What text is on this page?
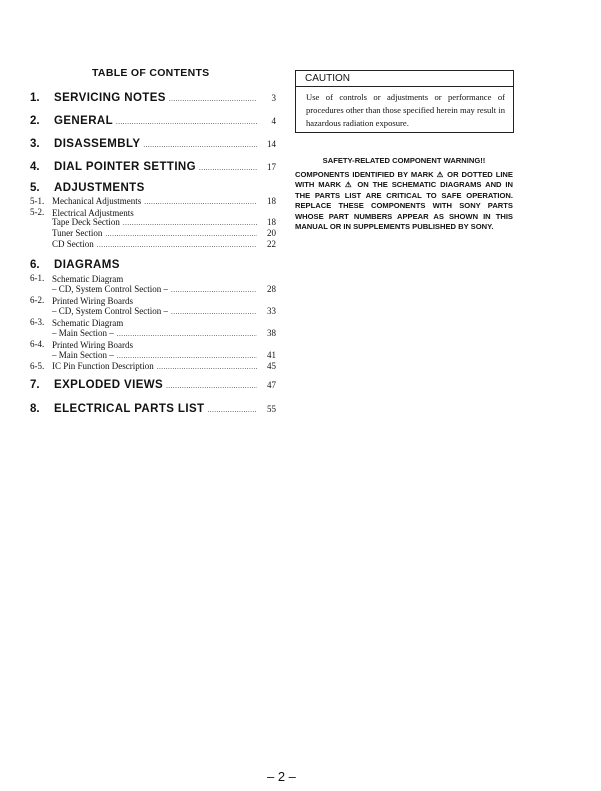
TABLE OF CONTENTS
1. SERVICING NOTES .....	3
2. GENERAL .....	4
3. DISASSEMBLY .....	14
4. DIAL POINTER SETTING .....	17
5. ADJUSTMENTS
5-1. Mechanical Adjustments .....	18
5-2. Electrical Adjustments
Tape Deck Section .....	18
Tuner Section .....	20
CD Section .....	22
6. DIAGRAMS
6-1. Schematic Diagram
– CD, System Control Section – .....	28
6-2. Printed Wiring Boards
– CD, System Control Section – .....	33
6-3. Schematic Diagram
– Main Section – .....	38
6-4. Printed Wiring Boards
– Main Section – .....	41
6-5. IC Pin Function Description .....	45
7. EXPLODED VIEWS .....	47
8. ELECTRICAL PARTS LIST .....	55
CAUTION
Use of controls or adjustments or performance of procedures other than those specified herein may result in hazardous radiation exposure.
SAFETY-RELATED COMPONENT WARNING!!
COMPONENTS IDENTIFIED BY MARK ⚠ OR DOTTED LINE WITH MARK ⚠ ON THE SCHEMATIC DIAGRAMS AND IN THE PARTS LIST ARE CRITICAL TO SAFE OPERATION. REPLACE THESE COMPONENTS WITH SONY PARTS WHOSE PART NUMBERS APPEAR AS SHOWN IN THIS MANUAL OR IN SUPPLEMENTS PUBLISHED BY SONY.
– 2 –
